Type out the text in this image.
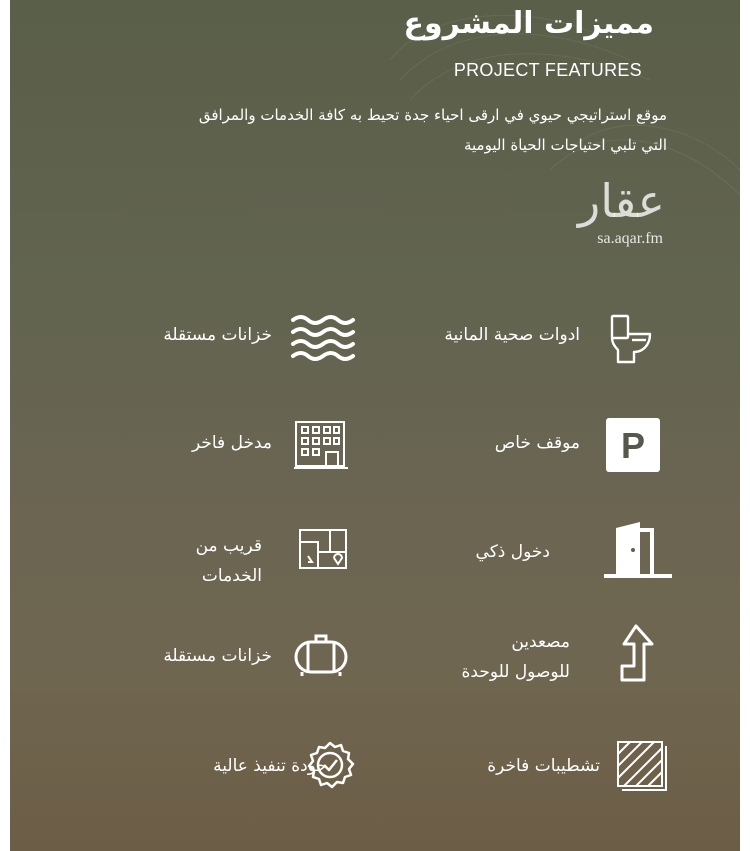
مميزات المشروع
PROJECT FEATURES
موقع استراتيجي حيوي في ارقى احياء جدة تحيط به كافة الخدمات والمرافق
التي تلبي احتياجات الحياة اليومية
عقار
sa.aqar.fm
ادوات صحية المانية
خزانات مستقلة
P
موقف خاص
مدخل فاخر
دخول ذكي
قريب من
الخدمات
مصعدين
للوصول للوحدة
خزانات مستقلة
تشطيبات فاخرة
جودة تنفيذ عالية
